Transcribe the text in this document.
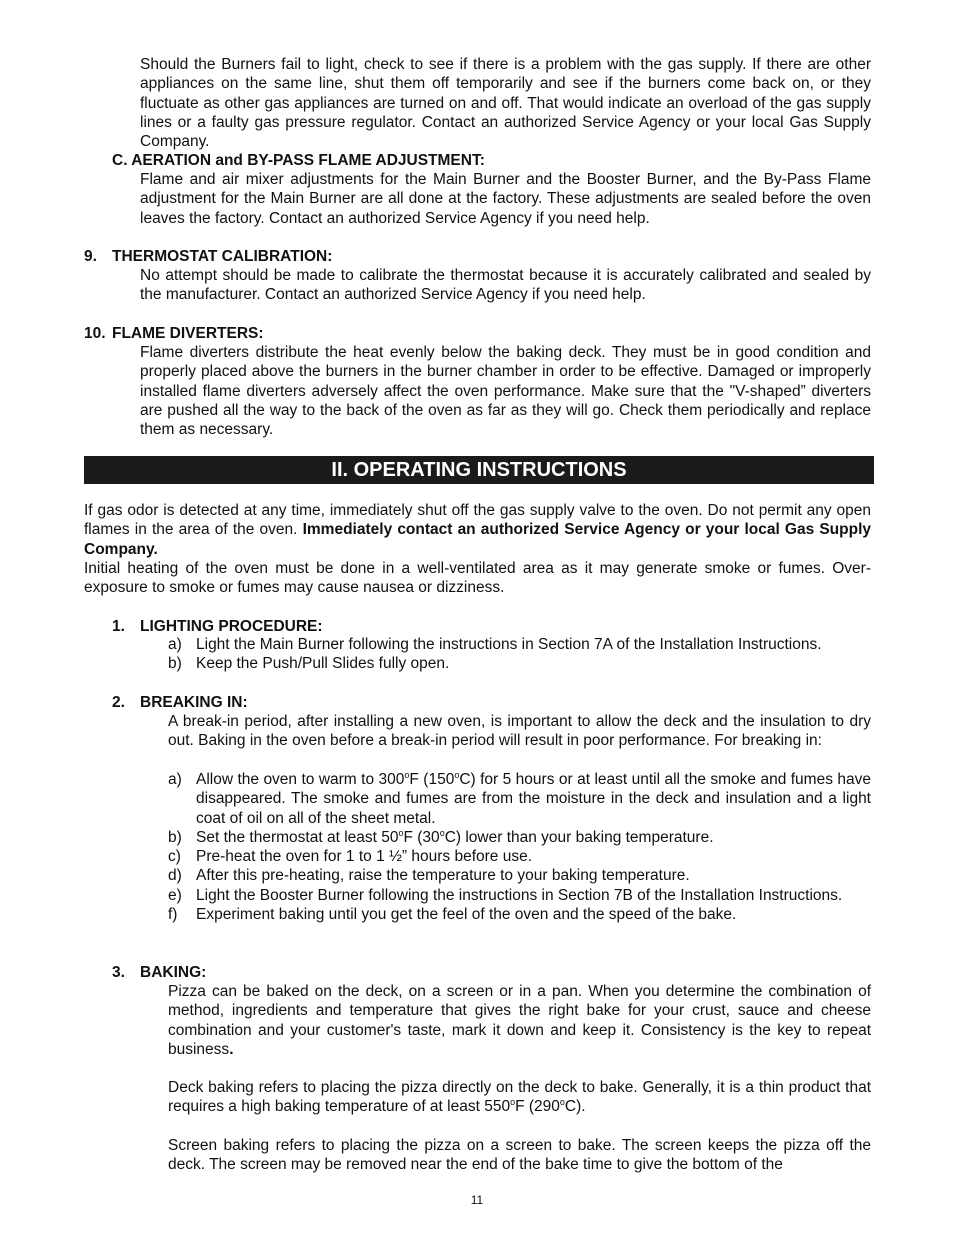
Should the Burners fail to light, check to see if there is a problem with the gas supply. If there are other appliances on the same line, shut them off temporarily and see if the burners come back on, or they fluctuate as other gas appliances are turned on and off. That would indicate an overload of the gas supply lines or a faulty gas pressure regulator. Contact an authorized Service Agency or your local Gas Supply Company.
C. AERATION and BY-PASS FLAME ADJUSTMENT:
Flame and air mixer adjustments for the Main Burner and the Booster Burner, and the By-Pass Flame adjustment for the Main Burner are all done at the factory. These adjustments are sealed before the oven leaves the factory. Contact an authorized Service Agency if you need help.
9. THERMOSTAT CALIBRATION:
No attempt should be made to calibrate the thermostat because it is accurately calibrated and sealed by the manufacturer. Contact an authorized Service Agency if you need help.
10. FLAME DIVERTERS:
Flame diverters distribute the heat evenly below the baking deck. They must be in good condition and properly placed above the burners in the burner chamber in order to be effective. Damaged or improperly installed flame diverters adversely affect the oven performance. Make sure that the "V-shaped” diverters are pushed all the way to the back of the oven as far as they will go. Check them periodically and replace them as necessary.
II. OPERATING INSTRUCTIONS
If gas odor is detected at any time, immediately shut off the gas supply valve to the oven. Do not permit any open flames in the area of the oven. Immediately contact an authorized Service Agency or your local Gas Supply Company.
Initial heating of the oven must be done in a well-ventilated area as it may generate smoke or fumes. Over-exposure to smoke or fumes may cause nausea or dizziness.
1. LIGHTING PROCEDURE:
a) Light the Main Burner following the instructions in Section 7A of the Installation Instructions.
b) Keep the Push/Pull Slides fully open.
2. BREAKING IN:
A break-in period, after installing a new oven, is important to allow the deck and the insulation to dry out. Baking in the oven before a break-in period will result in poor performance. For breaking in:
a) Allow the oven to warm to 300$^o$F (150$^o$C) for 5 hours or at least until all the smoke and fumes have disappeared. The smoke and fumes are from the moisture in the deck and insulation and a light coat of oil on all of the sheet metal.
b) Set the thermostat at least 50$^o$F (30$^o$C) lower than your baking temperature.
c) Pre-heat the oven for 1 to 1 ½” hours before use.
d) After this pre-heating, raise the temperature to your baking temperature.
e) Light the Booster Burner following the instructions in Section 7B of the Installation Instructions.
f) Experiment baking until you get the feel of the oven and the speed of the bake.
3. BAKING:
Pizza can be baked on the deck, on a screen or in a pan. When you determine the combination of method, ingredients and temperature that gives the right bake for your crust, sauce and cheese combination and your customer's taste, mark it down and keep it. Consistency is the key to repeat business.
Deck baking refers to placing the pizza directly on the deck to bake. Generally, it is a thin product that requires a high baking temperature of at least 550$^o$F (290$^o$C).
Screen baking refers to placing the pizza on a screen to bake. The screen keeps the pizza off the deck. The screen may be removed near the end of the bake time to give the bottom of the
11
